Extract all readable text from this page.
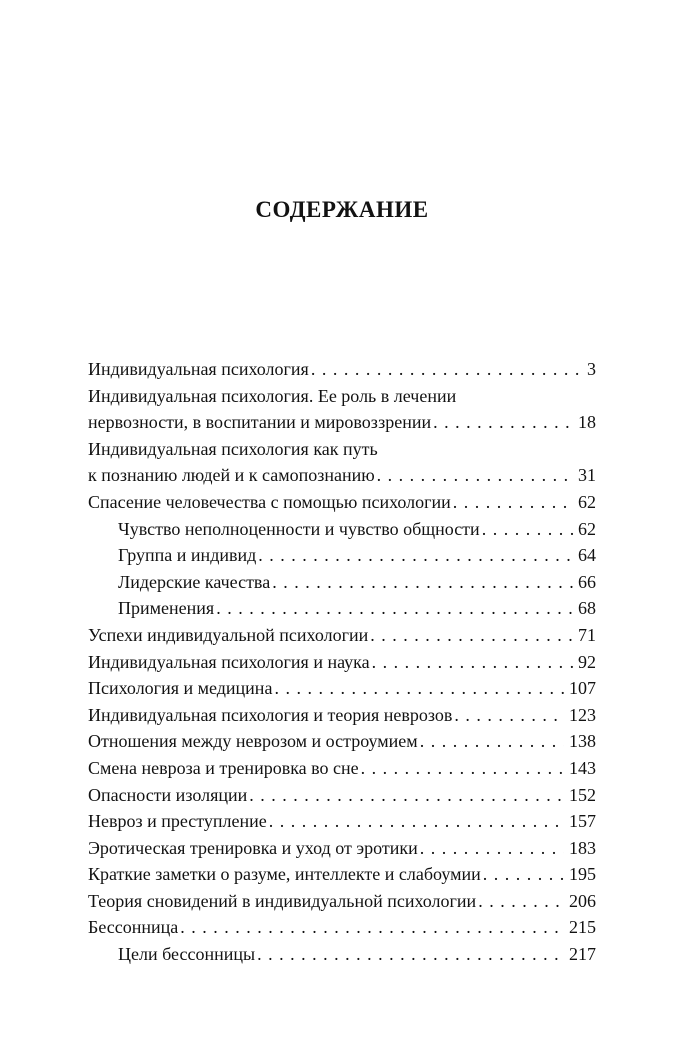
СОДЕРЖАНИЕ
Индивидуальная психология . . .	3
Индивидуальная психология. Ее роль в лечении
нервозности, в воспитании и мировоззрении . . .	18
Индивидуальная психология как путь
к познанию людей и к самопознанию . . .	31
Спасение человечества с помощью психологии . . .	62
Чувство неполноценности и чувство общности . . .	62
Группа и индивид . . .	64
Лидерские качества . . .	66
Применения . . .	68
Успехи индивидуальной психологии . . .	71
Индивидуальная психология и наука . . .	92
Психология и медицина . . .	107
Индивидуальная психология и теория неврозов . . .	123
Отношения между неврозом и остроумием . . .	138
Смена невроза и тренировка во сне . . .	143
Опасности изоляции . . .	152
Невроз и преступление . . .	157
Эротическая тренировка и уход от эротики . . .	183
Краткие заметки о разуме, интеллекте и слабоумии . . .	195
Теория сновидений в индивидуальной психологии . . .	206
Бессонница . . .	215
Цели бессонницы . . .	217
